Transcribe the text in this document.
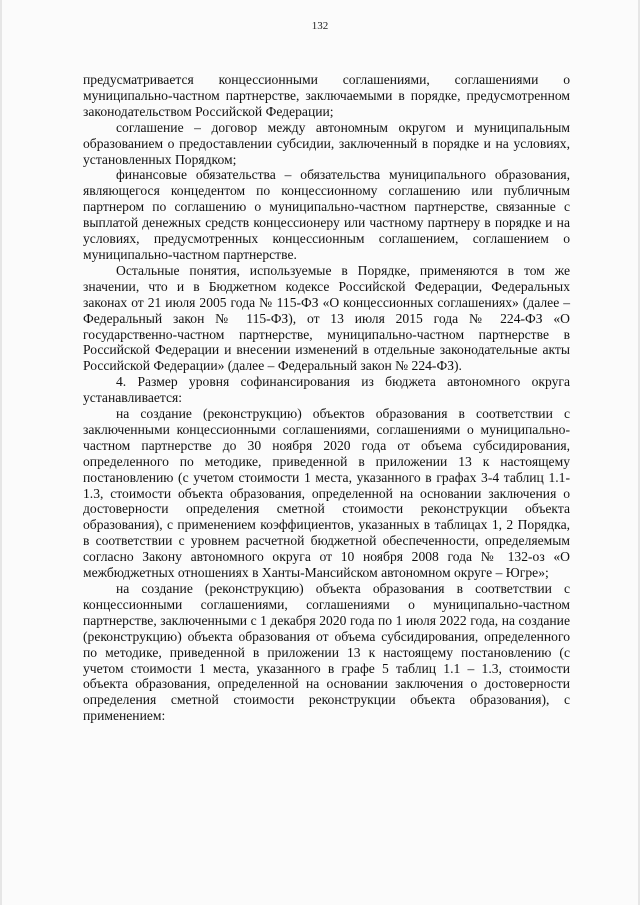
132

предусматривается концессионными соглашениями, соглашениями о муниципально-частном партнерстве, заключаемыми в порядке, предусмотренном законодательством Российской Федерации;

соглашение – договор между автономным округом и муниципальным образованием о предоставлении субсидии, заключенный в порядке и на условиях, установленных Порядком;

финансовые обязательства – обязательства муниципального образования, являющегося концедентом по концессионному соглашению или публичным партнером по соглашению о муниципально-частном партнерстве, связанные с выплатой денежных средств концессионеру или частному партнеру в порядке и на условиях, предусмотренных концессионным соглашением, соглашением о муниципально-частном партнерстве.

Остальные понятия, используемые в Порядке, применяются в том же значении, что и в Бюджетном кодексе Российской Федерации, Федеральных законах от 21 июля 2005 года № 115-ФЗ «О концессионных соглашениях» (далее – Федеральный закон № 115-ФЗ), от 13 июля 2015 года № 224-ФЗ «О государственно-частном партнерстве, муниципально-частном партнерстве в Российской Федерации и внесении изменений в отдельные законодательные акты Российской Федерации» (далее – Федеральный закон № 224-ФЗ).

4. Размер уровня софинансирования из бюджета автономного округа устанавливается:

на создание (реконструкцию) объектов образования в соответствии с заключенными концессионными соглашениями, соглашениями о муниципально-частном партнерстве до 30 ноября 2020 года от объема субсидирования, определенного по методике, приведенной в приложении 13 к настоящему постановлению (с учетом стоимости 1 места, указанного в графах 3-4 таблиц 1.1-1.3, стоимости объекта образования, определенной на основании заключения о достоверности определения сметной стоимости реконструкции объекта образования), с применением коэффициентов, указанных в таблицах 1, 2 Порядка, в соответствии с уровнем расчетной бюджетной обеспеченности, определяемым согласно Закону автономного округа от 10 ноября 2008 года № 132-оз «О межбюджетных отношениях в Ханты-Мансийском автономном округе – Югре»;

на создание (реконструкцию) объекта образования в соответствии с концессионными соглашениями, соглашениями о муниципально-частном партнерстве, заключенными с 1 декабря 2020 года по 1 июля 2022 года, на создание (реконструкцию) объекта образования от объема субсидирования, определенного по методике, приведенной в приложении 13 к настоящему постановлению (с учетом стоимости 1 места, указанного в графе 5 таблиц 1.1 – 1.3, стоимости объекта образования, определенной на основании заключения о достоверности определения сметной стоимости реконструкции объекта образования), с применением:
